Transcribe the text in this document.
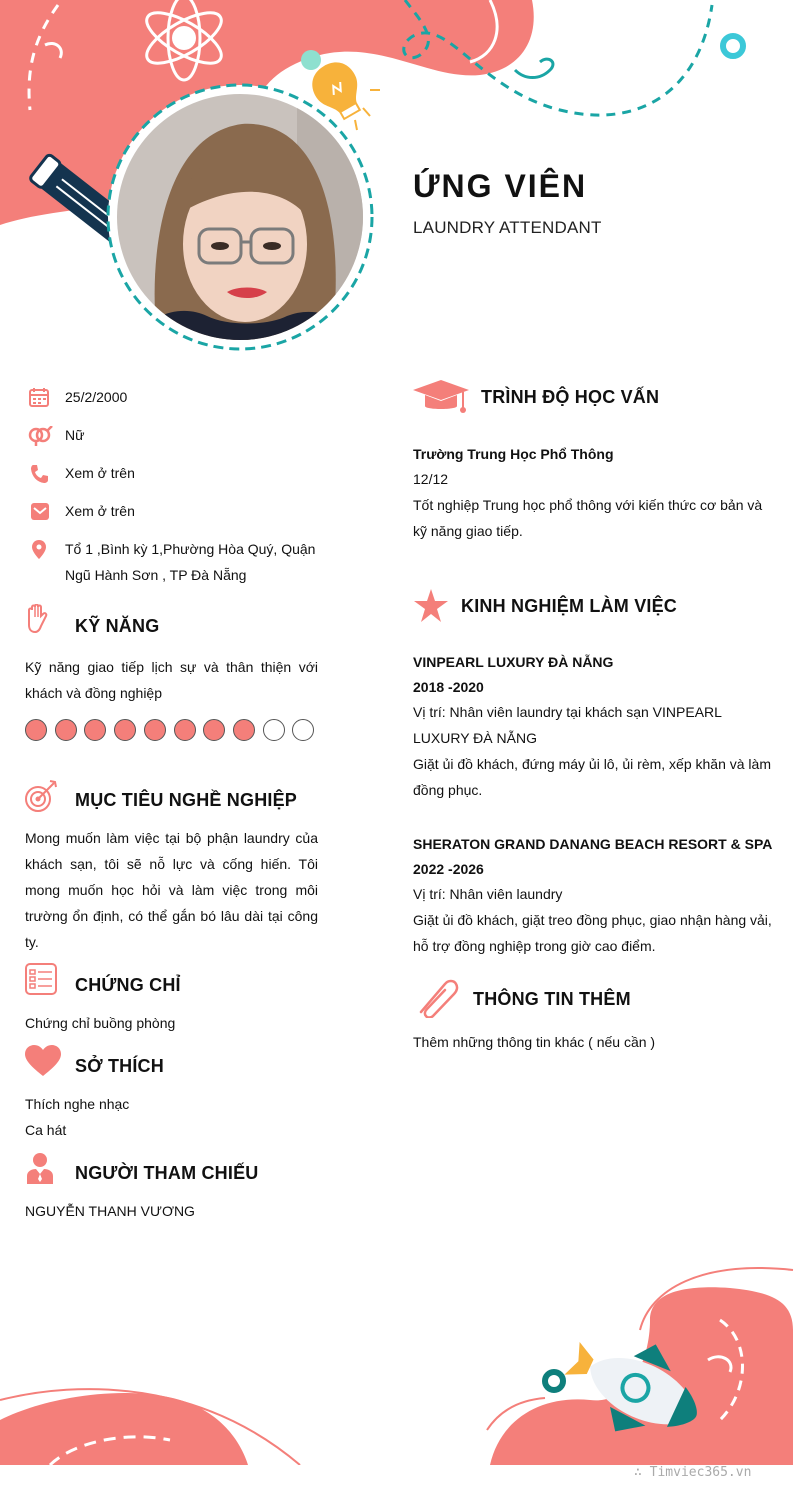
ỨNG VIÊN
LAUNDRY ATTENDANT
25/2/2000
Nữ
Xem ở trên
Xem ở trên
Tổ 1 ,Bình kỳ 1,Phường Hòa Quý, Quận Ngũ Hành Sơn , TP Đà Nẵng
KỸ NĂNG
Kỹ năng giao tiếp lịch sự và thân thiện với khách và đồng nghiệp
MỤC TIÊU NGHỀ NGHIỆP
Mong muốn làm việc tại bộ phận laundry của khách sạn, tôi sẽ nỗ lực và cống hiến. Tôi mong muốn học hỏi và làm việc trong môi trường ổn định, có thể gắn bó lâu dài tại công ty.
CHỨNG CHỈ
Chứng chỉ buồng phòng
SỞ THÍCH
Thích nghe nhạc
Ca hát
NGƯỜI THAM CHIẾU
NGUYỄN THANH VƯƠNG
TRÌNH ĐỘ HỌC VẤN
Trường Trung Học Phổ Thông
12/12
Tốt nghiệp Trung học phổ thông với kiến thức cơ bản và kỹ năng giao tiếp.
KINH NGHIỆM LÀM VIỆC
VINPEARL LUXURY ĐÀ NẴNG
2018 -2020
Vị trí: Nhân viên laundry tại khách sạn VINPEARL LUXURY ĐÀ NẴNG
Giặt ủi đồ khách, đứng máy ủi lô, ủi rèm, xếp khăn và làm đồng phục.
SHERATON GRAND DANANG BEACH RESORT & SPA
2022 -2026
Vị trí: Nhân viên laundry
Giặt ủi đồ khách, giặt treo đồng phục, giao nhận hàng vải, hỗ trợ đồng nghiệp trong giờ cao điểm.
THÔNG TIN THÊM
Thêm những thông tin khác ( nếu cần )
∴ Timviec365.vn
